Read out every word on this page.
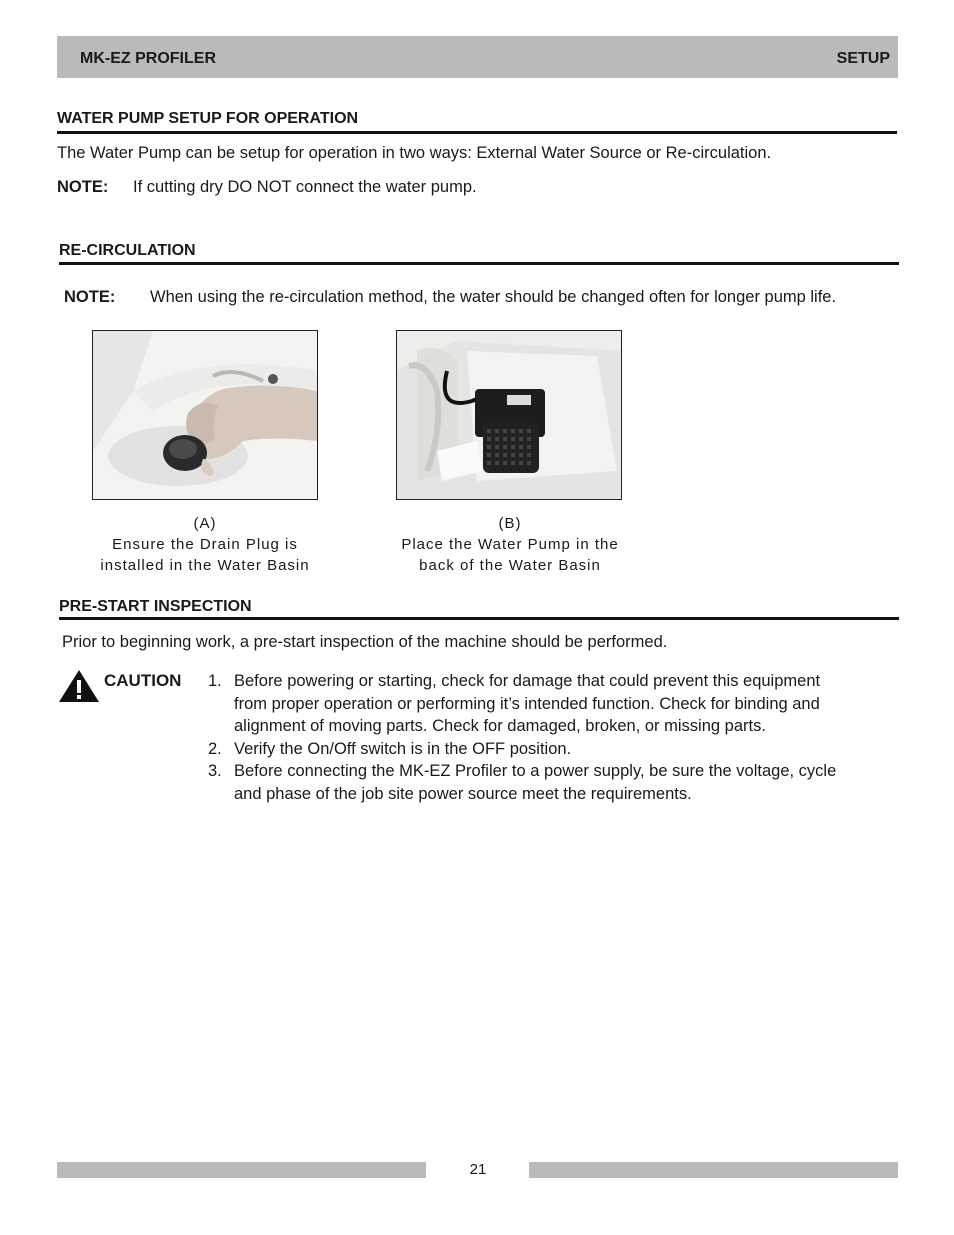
MK-EZ PROFILER	SETUP
WATER PUMP SETUP FOR OPERATION
The Water Pump can be setup for operation in two ways: External Water Source or Re-circulation.
NOTE: If cutting dry DO NOT connect the water pump.
RE-CIRCULATION
NOTE: When using the re-circulation method, the water should be changed often for longer pump life.
(A)
Ensure the Drain Plug is
installed in the Water Basin
(B)
Place the Water Pump in the
back of the Water Basin
PRE-START INSPECTION
Prior to beginning work, a pre-start inspection of the machine should be performed.
CAUTION 1. Before powering or starting, check for damage that could prevent this equipment
from proper operation or performing it’s intended function. Check for binding and
alignment of moving parts. Check for damaged, broken, or missing parts.
2. Verify the On/Off switch is in the OFF position.
3. Before connecting the MK-EZ Profiler to a power supply, be sure the voltage, cycle
and phase of the job site power source meet the requirements.
21
